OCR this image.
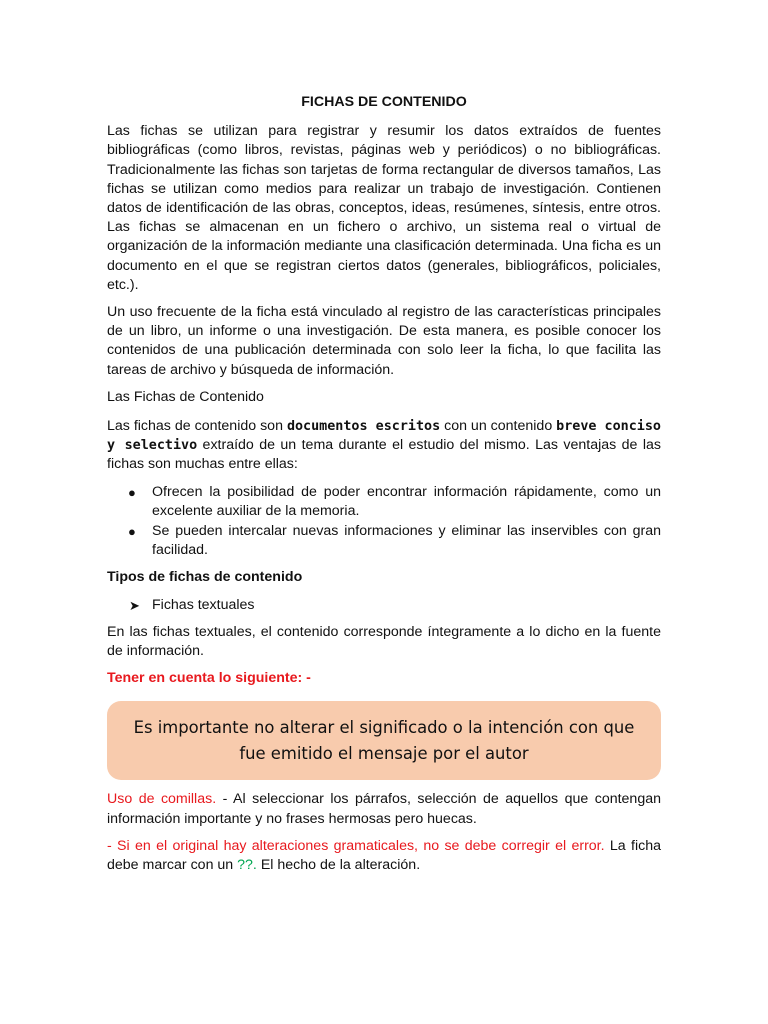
FICHAS DE CONTENIDO

Las fichas se utilizan para registrar y resumir los datos extraídos de fuentes bibliográficas (como libros, revistas, páginas web y periódicos) o no bibliográficas. Tradicionalmente las fichas son tarjetas de forma rectangular de diversos tamaños, Las fichas se utilizan como medios para realizar un trabajo de investigación. Contienen datos de identificación de las obras, conceptos, ideas, resúmenes, síntesis, entre otros. Las fichas se almacenan en un fichero o archivo, un sistema real o virtual de organización de la información mediante una clasificación determinada. Una ficha es un documento en el que se registran ciertos datos (generales, bibliográficos, policiales, etc.).

Un uso frecuente de la ficha está vinculado al registro de las características principales de un libro, un informe o una investigación. De esta manera, es posible conocer los contenidos de una publicación determinada con solo leer la ficha, lo que facilita las tareas de archivo y búsqueda de información.

Las Fichas de Contenido

Las fichas de contenido son documentos escritos con un contenido breve conciso y selectivo extraído de un tema durante el estudio del mismo. Las ventajas de las fichas son muchas entre ellas:

● Ofrecen la posibilidad de poder encontrar información rápidamente, como un excelente auxiliar de la memoria.
● Se pueden intercalar nuevas informaciones y eliminar las inservibles con gran facilidad.
Tipos de fichas de contenido
➤ Fichas textuales

En las fichas textuales, el contenido corresponde íntegramente a lo dicho en la fuente de información.

Tener en cuenta lo siguiente: -
Es importante no alterar el significado o la intención con que fue emitido el mensaje por el autor

Uso de comillas. - Al seleccionar los párrafos, selección de aquellos que contengan información importante y no frases hermosas pero huecas.

- Si en el original hay alteraciones gramaticales, no se debe corregir el error. La ficha debe marcar con un ??. El hecho de la alteración.
